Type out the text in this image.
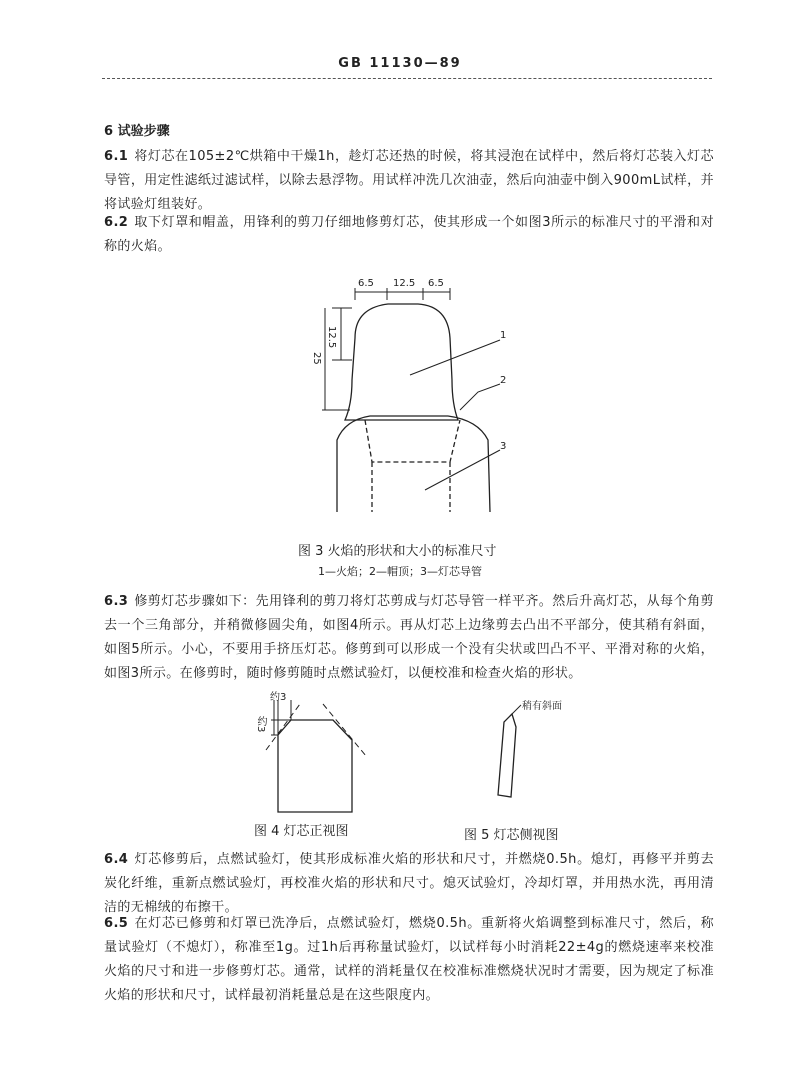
GB 11130—89
6 试验步骤
6.1 将灯芯在105±2℃烘箱中干燥1h，趁灯芯还热的时候，将其浸泡在试样中，然后将灯芯装入灯芯导管，用定性滤纸过滤试样，以除去悬浮物。用试样冲洗几次油壶，然后向油壶中倒入900mL试样，并将试验灯组装好。
6.2 取下灯罩和帽盖，用锋利的剪刀仔细地修剪灯芯，使其形成一个如图3所示的标准尺寸的平滑和对称的火焰。
6.5 12.5 6.5
12.5
25
1
2
3
图 3 火焰的形状和大小的标准尺寸
1—火焰；2—帽顶；3—灯芯导管
6.3 修剪灯芯步骤如下：先用锋利的剪刀将灯芯剪成与灯芯导管一样平齐。然后升高灯芯，从每个角剪去一个三角部分，并稍微修圆尖角，如图4所示。再从灯芯上边缘剪去凸出不平部分，使其稍有斜面，如图5所示。小心，不要用手挤压灯芯。修剪到可以形成一个没有尖状或凹凸不平、平滑对称的火焰，如图3所示。在修剪时，随时修剪随时点燃试验灯，以便校准和检查火焰的形状。
约3
约3
图 4 灯芯正视图
稍有斜面
图 5 灯芯侧视图
6.4 灯芯修剪后，点燃试验灯，使其形成标准火焰的形状和尺寸，并燃烧0.5h。熄灯，再修平并剪去炭化纤维，重新点燃试验灯，再校准火焰的形状和尺寸。熄灭试验灯，冷却灯罩，并用热水洗，再用清洁的无棉绒的布擦干。
6.5 在灯芯已修剪和灯罩已洗净后，点燃试验灯，燃烧0.5h。重新将火焰调整到标准尺寸，然后，称量试验灯（不熄灯），称准至1g。过1h后再称量试验灯，以试样每小时消耗22±4g的燃烧速率来校准火焰的尺寸和进一步修剪灯芯。通常，试样的消耗量仅在校准标准燃烧状况时才需要，因为规定了标准火焰的形状和尺寸，试样最初消耗量总是在这些限度内。
